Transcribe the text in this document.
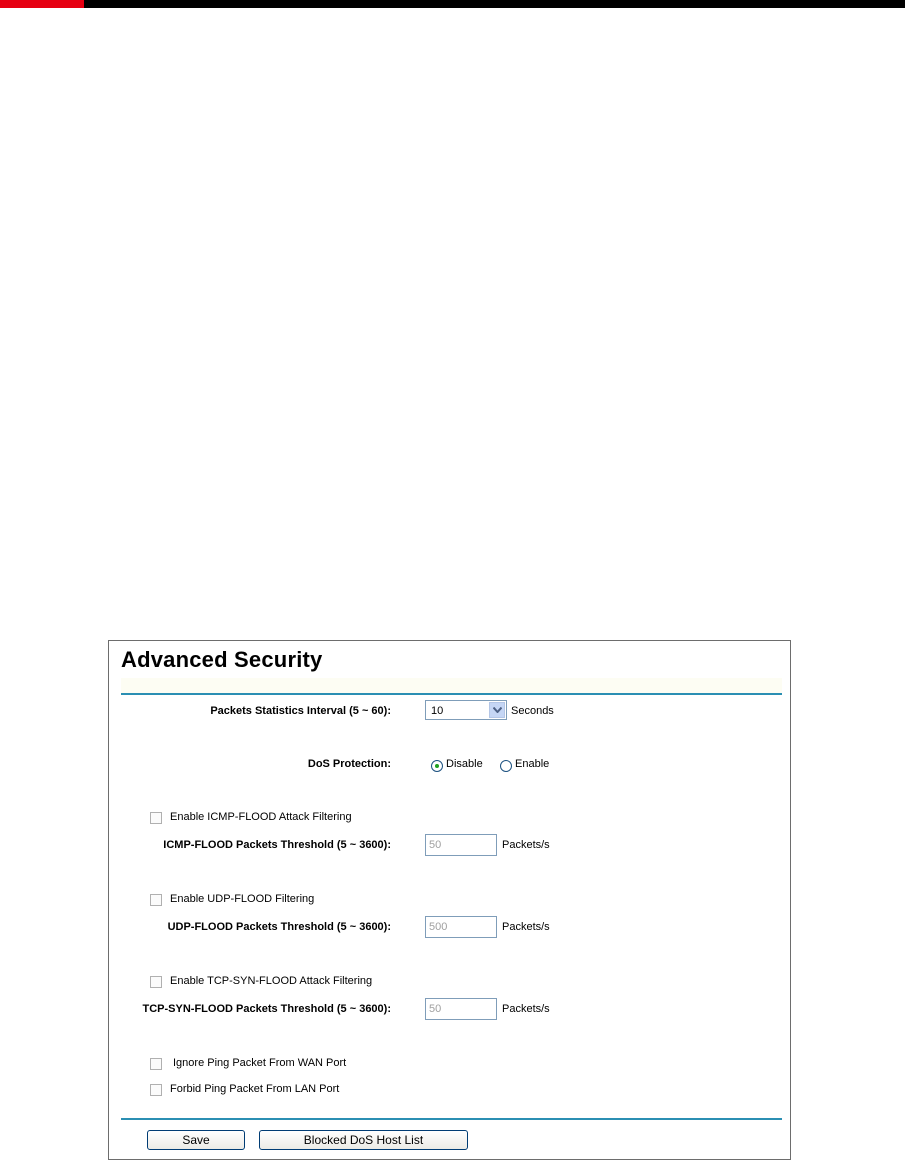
Advanced Security
Packets Statistics Interval (5 ~ 60):	10	Seconds
DoS Protection:	Disable	Enable
Enable ICMP-FLOOD Attack Filtering
ICMP-FLOOD Packets Threshold (5 ~ 3600):	50	Packets/s
Enable UDP-FLOOD Filtering
UDP-FLOOD Packets Threshold (5 ~ 3600):	500	Packets/s
Enable TCP-SYN-FLOOD Attack Filtering
TCP-SYN-FLOOD Packets Threshold (5 ~ 3600):	50	Packets/s
Ignore Ping Packet From WAN Port
Forbid Ping Packet From LAN Port
Save	Blocked DoS Host List
